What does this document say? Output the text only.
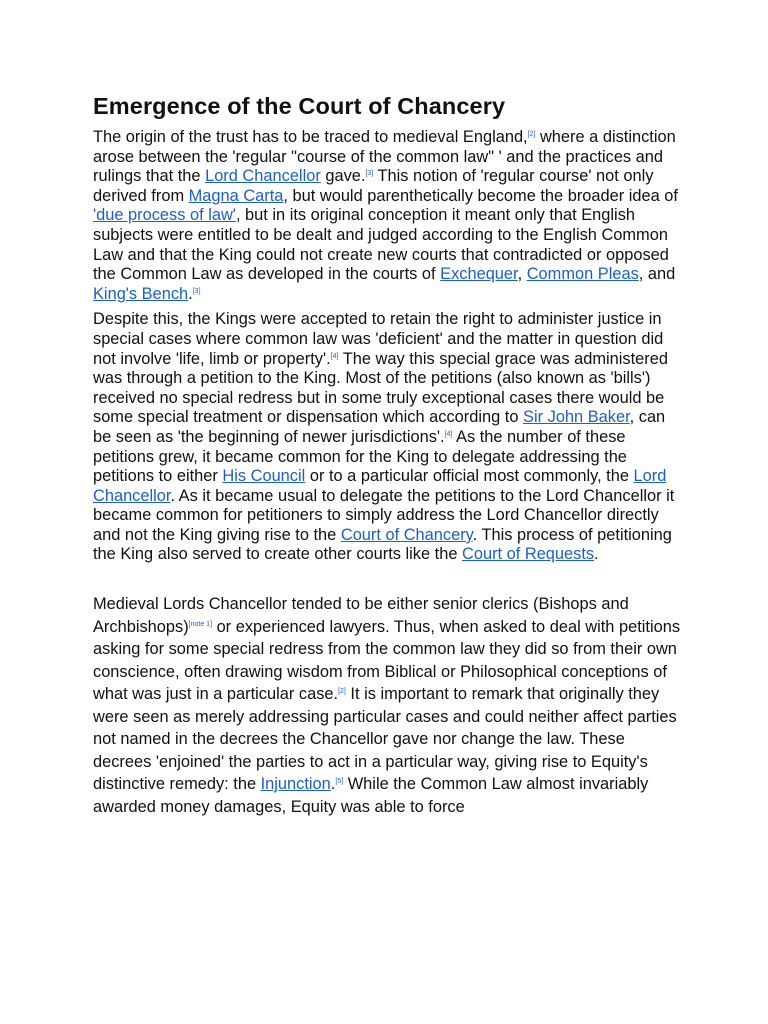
Emergence of the Court of Chancery

The origin of the trust has to be traced to medieval England,[2] where a distinction arose between the 'regular "course of the common law" ' and the practices and rulings that the Lord Chancellor gave.[3] This notion of 'regular course' not only derived from Magna Carta, but would parenthetically become the broader idea of 'due process of law', but in its original conception it meant only that English subjects were entitled to be dealt and judged according to the English Common Law and that the King could not create new courts that contradicted or opposed the Common Law as developed in the courts of Exchequer, Common Pleas, and King's Bench.[3]

Despite this, the Kings were accepted to retain the right to administer justice in special cases where common law was 'deficient' and the matter in question did not involve 'life, limb or property'.[4] The way this special grace was administered was through a petition to the King. Most of the petitions (also known as 'bills') received no special redress but in some truly exceptional cases there would be some special treatment or dispensation which according to Sir John Baker, can be seen as 'the beginning of newer jurisdictions'.[4] As the number of these petitions grew, it became common for the King to delegate addressing the petitions to either His Council or to a particular official most commonly, the Lord Chancellor. As it became usual to delegate the petitions to the Lord Chancellor it became common for petitioners to simply address the Lord Chancellor directly and not the King giving rise to the Court of Chancery. This process of petitioning the King also served to create other courts like the Court of Requests.

Medieval Lords Chancellor tended to be either senior clerics (Bishops and Archbishops)[note 1] or experienced lawyers. Thus, when asked to deal with petitions asking for some special redress from the common law they did so from their own conscience, often drawing wisdom from Biblical or Philosophical conceptions of what was just in a particular case.[2] It is important to remark that originally they were seen as merely addressing particular cases and could neither affect parties not named in the decrees the Chancellor gave nor change the law. These decrees 'enjoined' the parties to act in a particular way, giving rise to Equity's distinctive remedy: the Injunction.[5] While the Common Law almost invariably awarded money damages, Equity was able to force
